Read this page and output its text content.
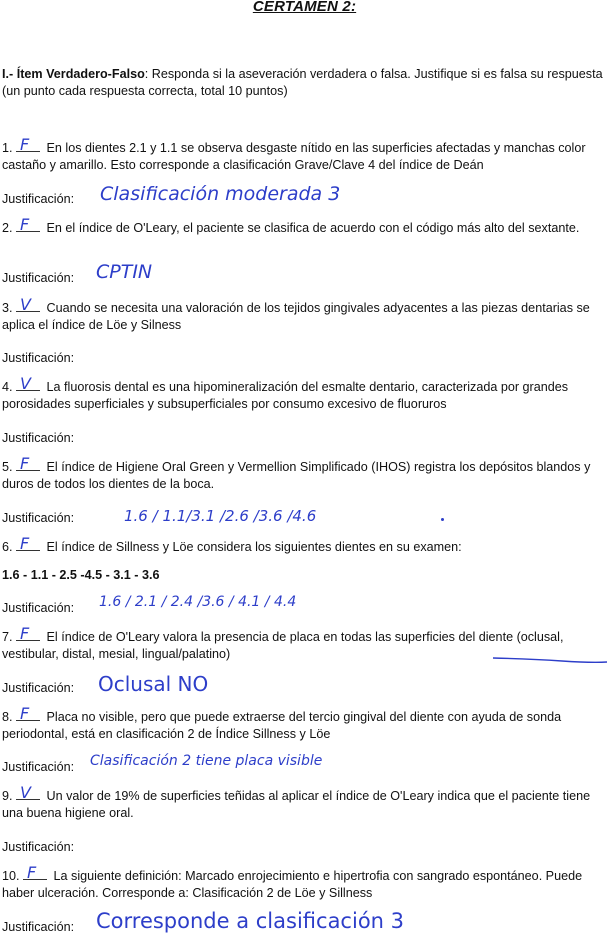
CERTAMEN 2:
I.- Ítem Verdadero-Falso: Responda si la aseveración verdadera o falsa. Justifique si es falsa su respuesta (un punto cada respuesta correcta, total 10 puntos)
1. F En los dientes 2.1 y 1.1 se observa desgaste nítido en las superficies afectadas y manchas color castaño y amarillo. Esto corresponde a clasificación Grave/Clave 4 del índice de Deán
Justificación: Clasificación moderada 3
2. F En el índice de O'Leary, el paciente se clasifica de acuerdo con el código más alto del sextante.
Justificación: CPTIN
3. V Cuando se necesita una valoración de los tejidos gingivales adyacentes a las piezas dentarias se aplica el índice de Löe y Silness
Justificación:
4. V La fluorosis dental es una hipomineralización del esmalte dentario, caracterizada por grandes porosidades superficiales y subsuperficiales por consumo excesivo de fluoruros
Justificación:
5. F El índice de Higiene Oral Green y Vermellion Simplificado (IHOS) registra los depósitos blandos y duros de todos los dientes de la boca.
Justificación:	1.6 / 1.1/3.1 /2.6 /3.6 /4.6
6. F El índice de Sillness y Löe considera los siguientes dientes en su examen:
1.6 - 1.1 - 2.5 -4.5 - 3.1 - 3.6
Justificación: 1.6 / 2.1 / 2.4 /3.6 / 4.1 / 4.4
7. F El índice de O'Leary valora la presencia de placa en todas las superficies del diente (oclusal, vestibular, distal, mesial, lingual/palatino)
Justificación: Oclusal NO
8. F Placa no visible, pero que puede extraerse del tercio gingival del diente con ayuda de sonda periodontal, está en clasificación 2 de Índice Sillness y Löe
Justificación: Clasificación 2 tiene placa visible
9. V Un valor de 19% de superficies teñidas al aplicar el índice de O'Leary indica que el paciente tiene una buena higiene oral.
Justificación:
10. F La siguiente definición: Marcado enrojecimiento e hipertrofia con sangrado espontáneo. Puede haber ulceración. Corresponde a: Clasificación 2 de Löe y Sillness
Justificación: Corresponde a clasificación 3
